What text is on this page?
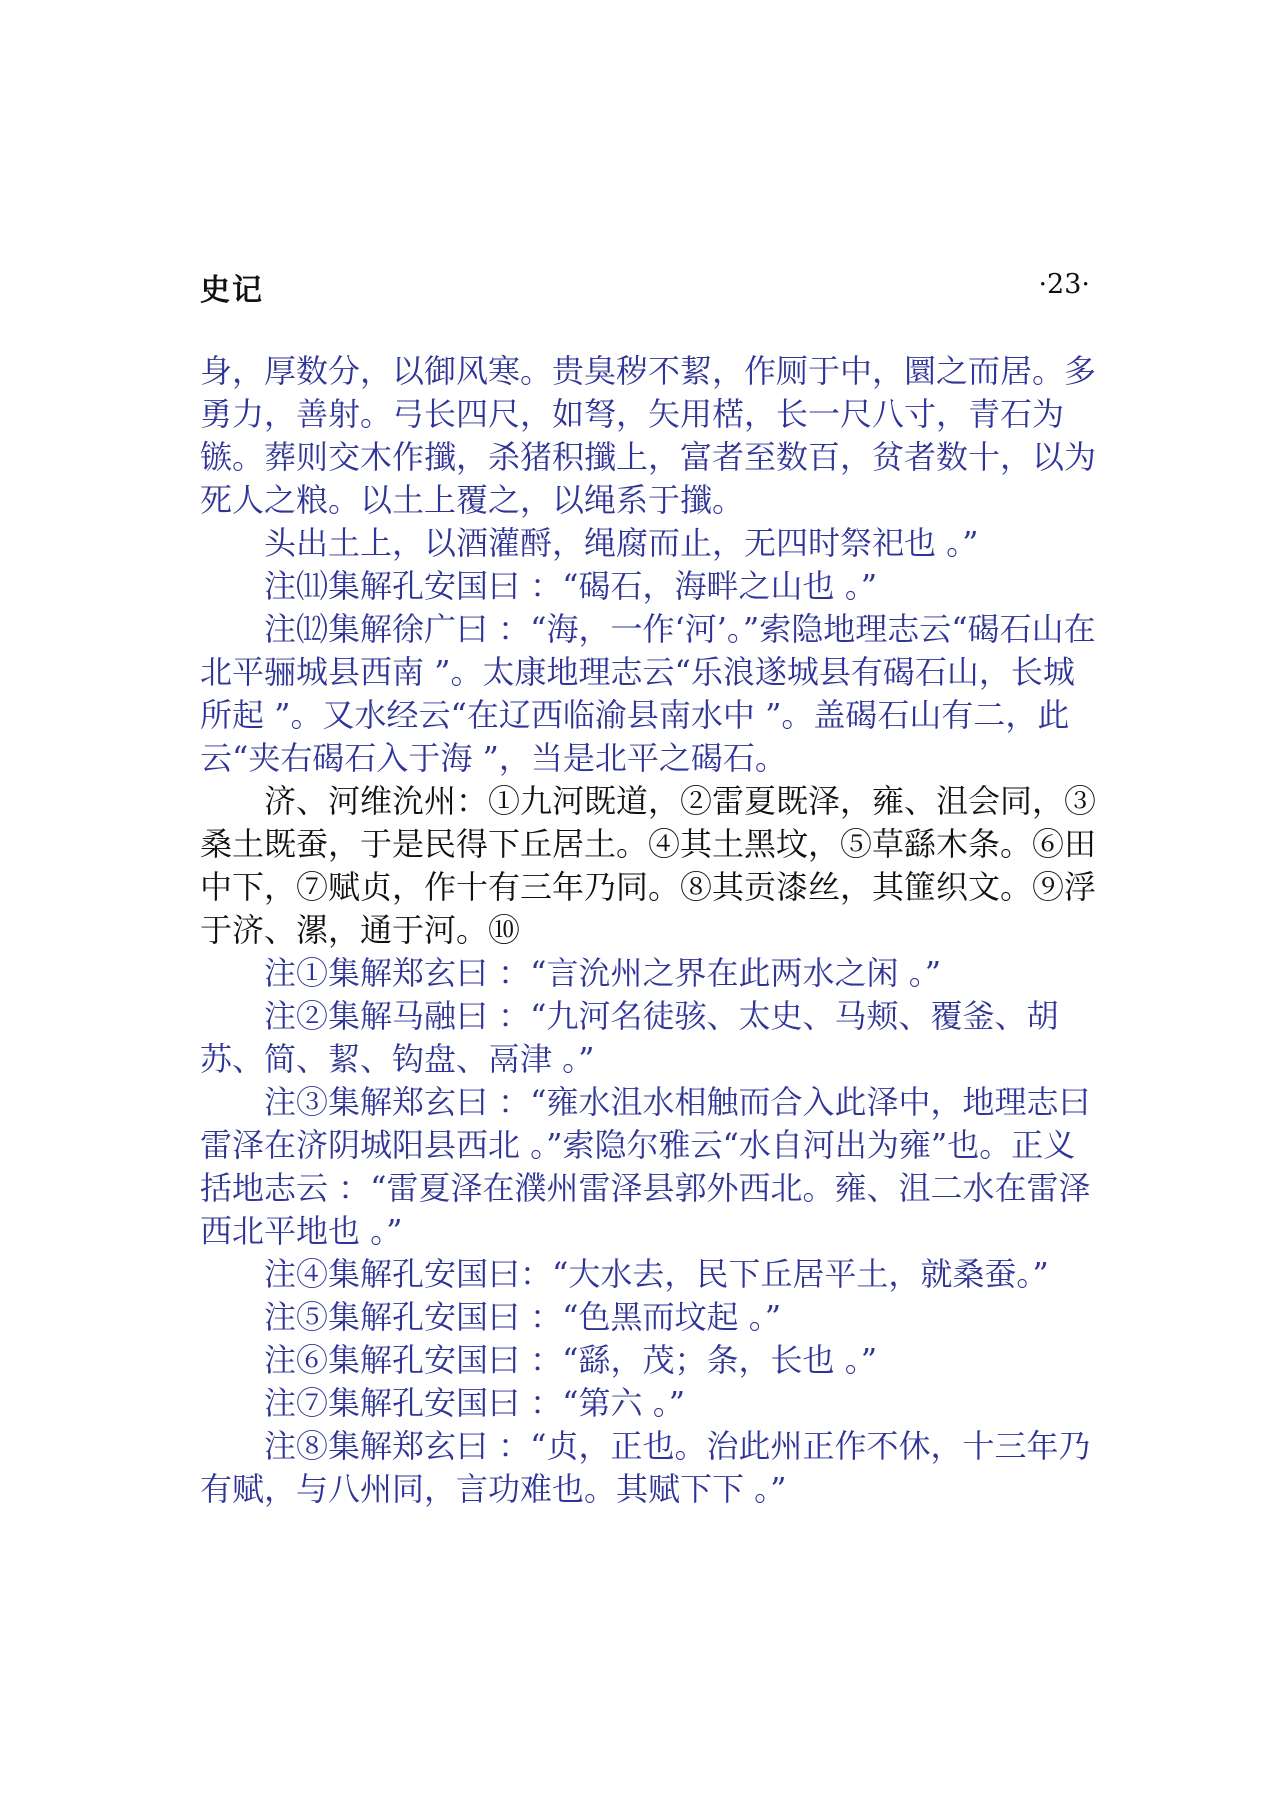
史记	·23·

身，厚数分，以御风寒。贵臭秽不絜，作厕于中，圜之而居。多勇力，善射。弓长四尺，如弩，矢用楛，长一尺八寸，青石为镞。葬则交木作攕，杀猪积攕上，富者至数百，贫者数十，以为死人之粮。以土上覆之，以绳系于攕。

头出土上，以酒灌酹，绳腐而止，无四时祭祀也 。”

注⑾集解孔安国曰 ：“碣石，海畔之山也 。”

注⑿集解徐广曰 ：“海，一作‘河’。”索隐地理志云“碣石山在北平骊城县西南 ”。太康地理志云“乐浪遂城县有碣石山，长城所起 ”。又水经云“在辽西临渝县南水中 ”。盖碣石山有二，此云“夹右碣石入于海 ”，当是北平之碣石。

济、河维沇州：①九河既道，②雷夏既泽，雍、沮会同，③桑土既蚕，于是民得下丘居土。④其土黑坟，⑤草繇木条。⑥田中下，⑦赋贞，作十有三年乃同。⑧其贡漆丝，其篚织文。⑨浮于济、漯，通于河。⑩

注①集解郑玄曰 ：“言沇州之界在此两水之闲 。”

注②集解马融曰 ：“九河名徒骇、太史、马颊、覆釜、胡苏、简、絜、钩盘、鬲津 。”

注③集解郑玄曰 ：“雍水沮水相触而合入此泽中，地理志曰雷泽在济阴城阳县西北 。”索隐尔雅云“水自河出为雍”也。正义括地志云 ：“雷夏泽在濮州雷泽县郭外西北。雍、沮二水在雷泽西北平地也 。”

注④集解孔安国曰：“大水去，民下丘居平土，就桑蚕。”

注⑤集解孔安国曰 ：“色黑而坟起 。”

注⑥集解孔安国曰 ：“繇，茂；条，长也 。”

注⑦集解孔安国曰 ：“第六 。”

注⑧集解郑玄曰 ：“贞，正也。治此州正作不休，十三年乃有赋，与八州同，言功难也。其赋下下 。”
